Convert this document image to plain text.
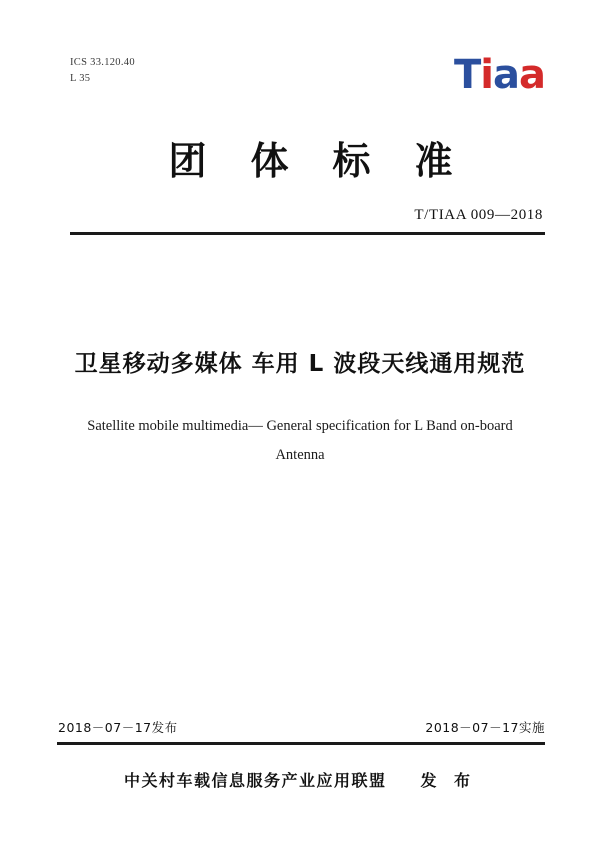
ICS 33.120.40
L 35	Tiaa
团体标准
T/TIAA 009—2018
卫星移动多媒体 车用 L 波段天线通用规范
Satellite mobile multimedia— General specification for L Band on-board
Antenna
2018－07－17发布	2018－07－17实施
中关村车载信息服务产业应用联盟 发 布
